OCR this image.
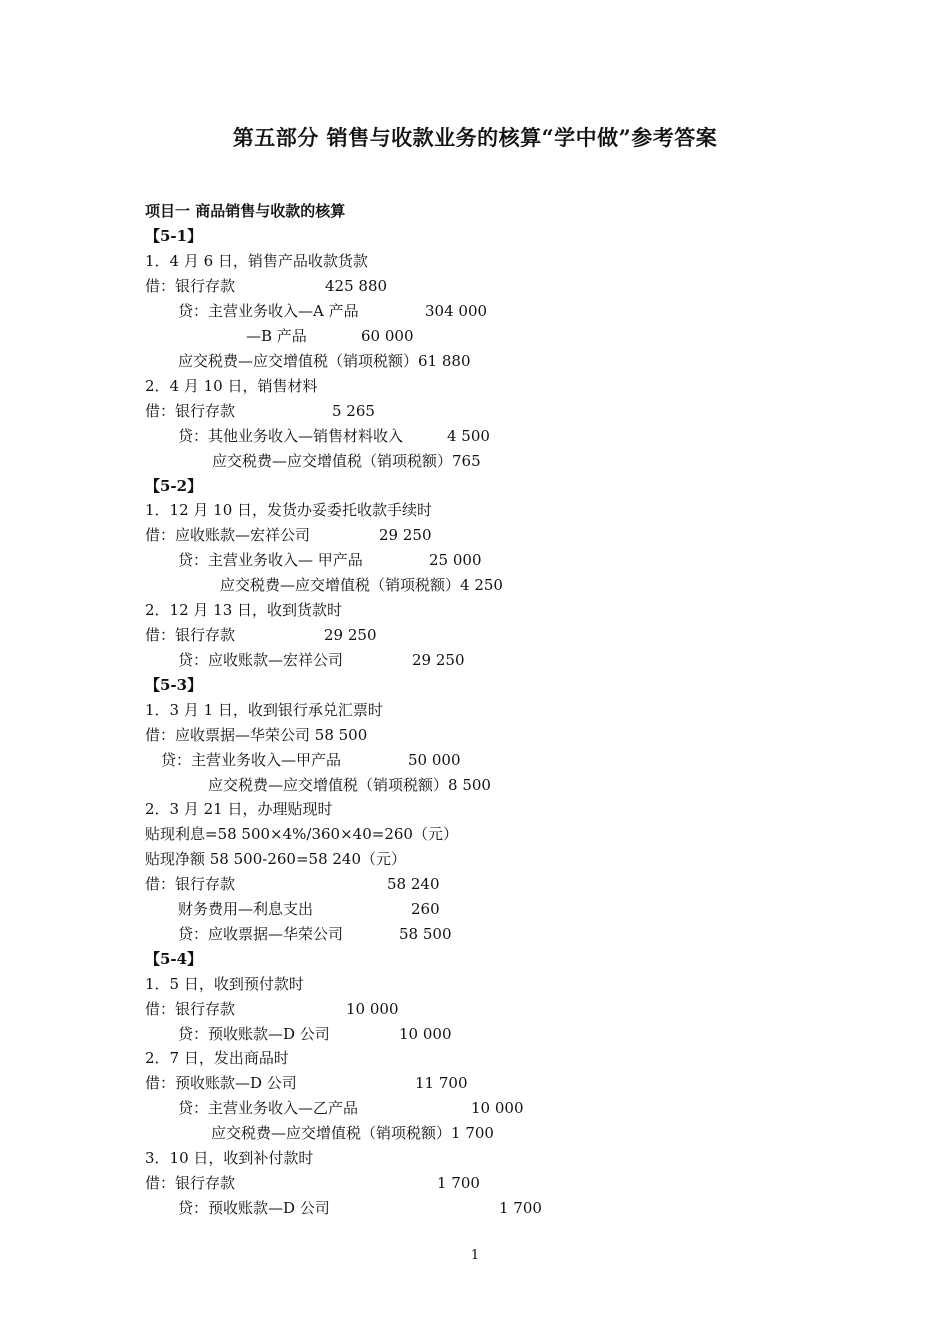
第五部分 销售与收款业务的核算“学中做”参考答案
项目一 商品销售与收款的核算
【5-1】
1．4 月 6 日，销售产品收款货款
借：银行存款	425 880
贷：主营业务收入—A 产品	304 000
—B 产品	60 000
应交税费—应交增值税（销项税额）61 880
2．4 月 10 日，销售材料
借：银行存款	5 265
贷：其他业务收入—销售材料收入	4 500
应交税费—应交增值税（销项税额）765
【5-2】
1．12 月 10 日，发货办妥委托收款手续时
借：应收账款—宏祥公司	29 250
贷：主营业务收入— 甲产品	25 000
应交税费—应交增值税（销项税额）4 250
2．12 月 13 日，收到货款时
借：银行存款	29 250
贷：应收账款—宏祥公司	29 250
【5-3】
1．3 月 1 日，收到银行承兑汇票时
借：应收票据—华荣公司 58 500
贷：主营业务收入—甲产品	50 000
应交税费—应交增值税（销项税额）8 500
2．3 月 21 日，办理贴现时
贴现利息=58 500×4%/360×40=260（元）
贴现净额 58 500-260=58 240（元）
借：银行存款	58 240
财务费用—利息支出	260
贷：应收票据—华荣公司	58 500
【5-4】
1．5 日，收到预付款时
借：银行存款	10 000
贷：预收账款—D 公司	10 000
2．7 日，发出商品时
借：预收账款—D 公司	11 700
贷：主营业务收入—乙产品	10 000
应交税费—应交增值税（销项税额）1 700
3．10 日，收到补付款时
借：银行存款	1 700
贷：预收账款—D 公司	1 700
1
